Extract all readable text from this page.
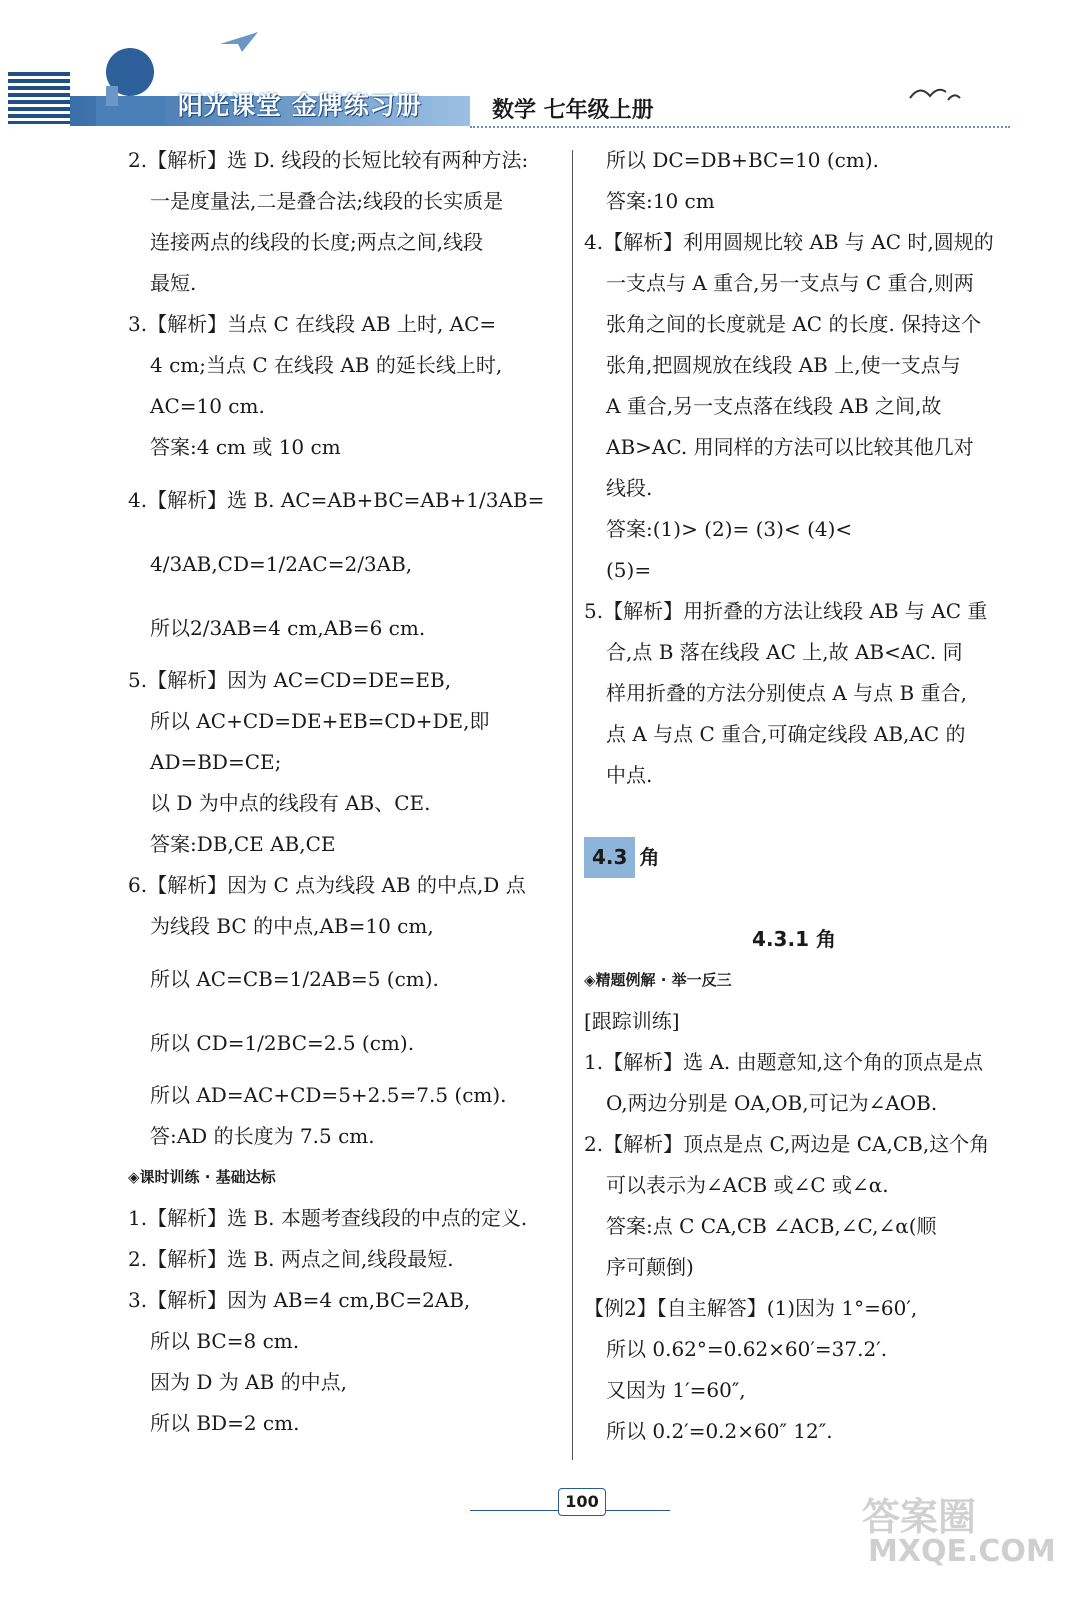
阳光课堂 金牌练习册	数学 七年级上册
2.【解析】选 D. 线段的长短比较有两种方法:
一是度量法,二是叠合法;线段的长实质是
连接两点的线段的长度;两点之间,线段
最短.
3.【解析】当点 C 在线段 AB 上时, AC=
4 cm;当点 C 在线段 AB 的延长线上时,
AC=10 cm.
答案:4 cm 或 10 cm
4.【解析】选 B. AC=AB+BC=AB+1/3AB=
4/3AB,CD=1/2AC=2/3AB,
所以2/3AB=4 cm,AB=6 cm.
5.【解析】因为 AC=CD=DE=EB,
所以 AC+CD=DE+EB=CD+DE,即
AD=BD=CE;
以 D 为中点的线段有 AB、CE.
答案:DB,CE AB,CE
6.【解析】因为 C 点为线段 AB 的中点,D 点
为线段 BC 的中点,AB=10 cm,
所以 AC=CB=1/2AB=5 (cm).
所以 CD=1/2BC=2.5 (cm).
所以 AD=AC+CD=5+2.5=7.5 (cm).
答:AD 的长度为 7.5 cm.
◈课时训练 · 基础达标
1.【解析】选 B. 本题考查线段的中点的定义.
2.【解析】选 B. 两点之间,线段最短.
3.【解析】因为 AB=4 cm,BC=2AB,
所以 BC=8 cm.
因为 D 为 AB 的中点,
所以 BD=2 cm.
所以 DC=DB+BC=10 (cm).
答案:10 cm
4.【解析】利用圆规比较 AB 与 AC 时,圆规的
一支点与 A 重合,另一支点与 C 重合,则两
张角之间的长度就是 AC 的长度. 保持这个
张角,把圆规放在线段 AB 上,使一支点与
A 重合,另一支点落在线段 AB 之间,故
AB>AC. 用同样的方法可以比较其他几对
线段.
答案:(1)> (2)= (3)< (4)<
(5)=
5.【解析】用折叠的方法让线段 AB 与 AC 重
合,点 B 落在线段 AC 上,故 AB<AC. 同
样用折叠的方法分别使点 A 与点 B 重合,
点 A 与点 C 重合,可确定线段 AB,AC 的
中点.

4.3 角

4.3.1 角
◈精题例解 · 举一反三
[跟踪训练]
1.【解析】选 A. 由题意知,这个角的顶点是点
O,两边分别是 OA,OB,可记为∠AOB.
2.【解析】顶点是点 C,两边是 CA,CB,这个角
可以表示为∠ACB 或∠C 或∠α.
答案:点 C CA,CB ∠ACB,∠C,∠α(顺
序可颠倒)
【例2】【自主解答】(1)因为 1°=60′,
所以 0.62°=0.62×60′=37.2′.
又因为 1′=60″,
所以 0.2′=0.2×60″ 12″.
100	答案圈
MXQE.COM
